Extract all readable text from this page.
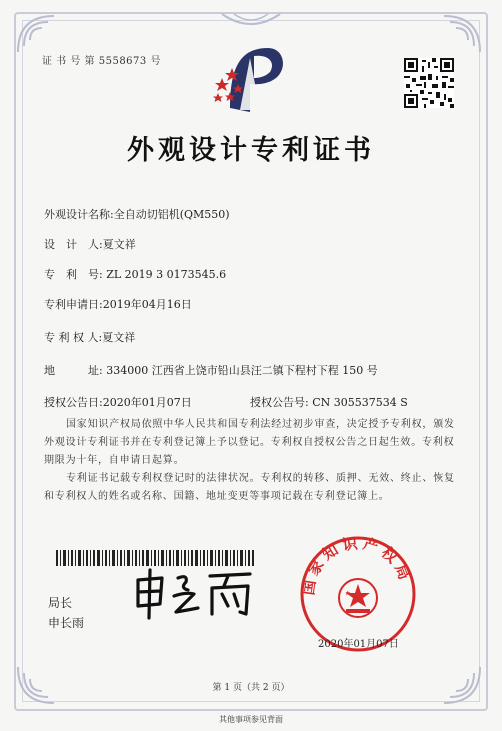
证 书 号 第 5558673 号
外观设计专利证书
外观设计名称:全自动切铝机(QM550)
设　计　人:夏文祥
专　利　号: ZL 2019 3 0173545.6
专利申请日:2019年04月16日
专 利 权 人:夏文祥
地　　　址: 334000 江西省上饶市铅山县汪二镇下程村下程 150 号
授权公告日:2020年01月07日	授权公告号: CN 305537534 S
国家知识产权局依照中华人民共和国专利法经过初步审查，决定授予专利权，颁发外观设计专利证书并在专利登记簿上予以登记。专利权自授权公告之日起生效。专利权期限为十年，自申请日起算。
专利证书记载专利权登记时的法律状况。专利权的转移、质押、无效、终止、恢复和专利权人的姓名或名称、国籍、地址变更等事项记载在专利登记簿上。
局长
申长雨
国家知识产权局
2020年01月07日
第 1 页（共 2 页）
其他事项参见背面
